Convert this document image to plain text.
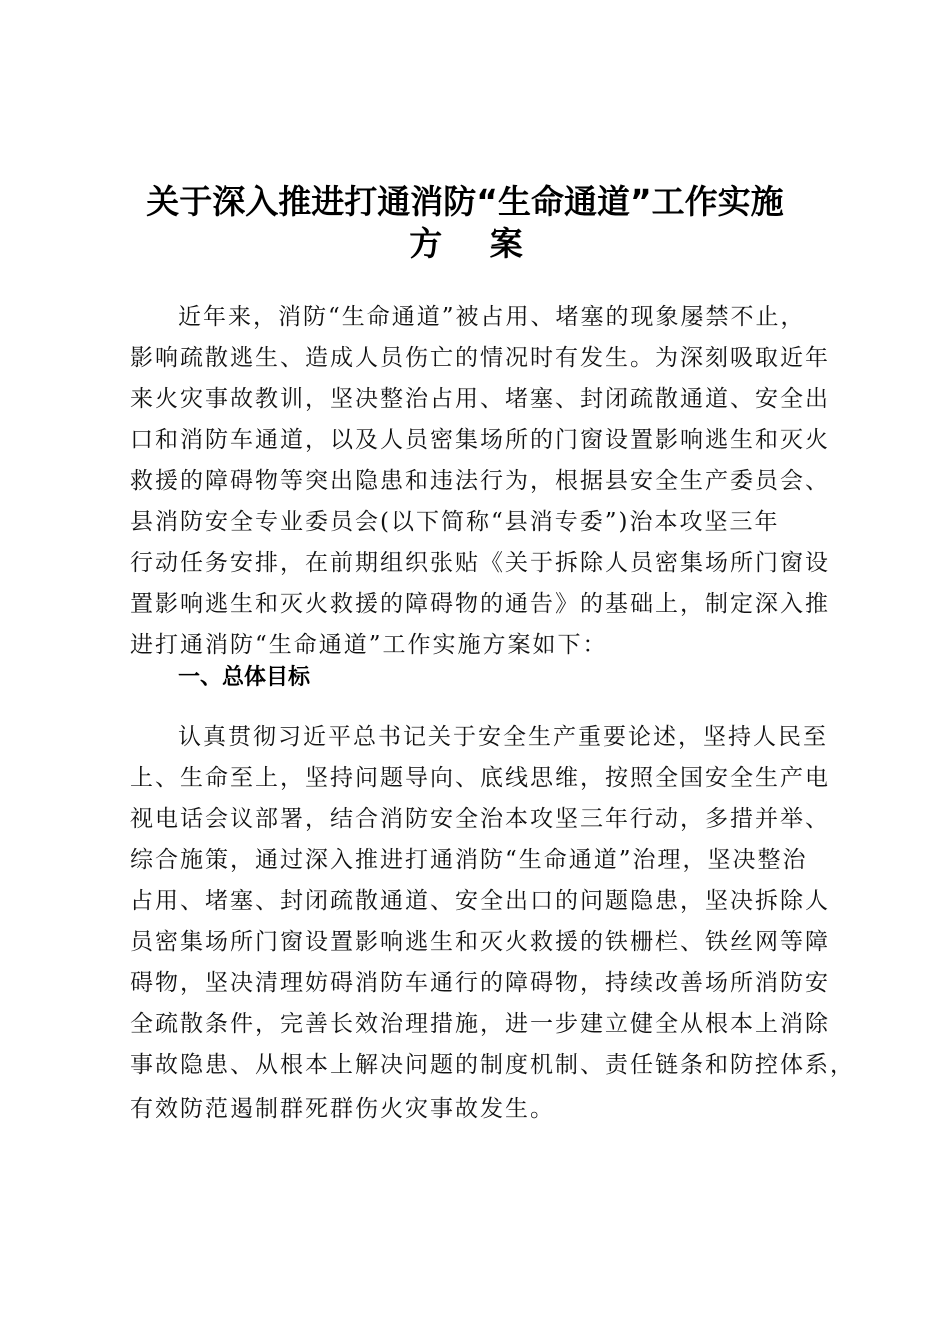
关于深入推进打通消防“生命通道”工作实施
方 案
近年来，消防“生命通道”被占用、堵塞的现象屡禁不止，
影响疏散逃生、造成人员伤亡的情况时有发生。为深刻吸取近年
来火灾事故教训，坚决整治占用、堵塞、封闭疏散通道、安全出
口和消防车通道，以及人员密集场所的门窗设置影响逃生和灭火
救援的障碍物等突出隐患和违法行为，根据县安全生产委员会、
县消防安全专业委员会(以下简称“县消专委”)治本攻坚三年
行动任务安排，在前期组织张贴《关于拆除人员密集场所门窗设
置影响逃生和灭火救援的障碍物的通告》的基础上，制定深入推
进打通消防“生命通道”工作实施方案如下：
一、总体目标
认真贯彻习近平总书记关于安全生产重要论述，坚持人民至
上、生命至上，坚持问题导向、底线思维，按照全国安全生产电
视电话会议部署，结合消防安全治本攻坚三年行动，多措并举、
综合施策，通过深入推进打通消防“生命通道”治理，坚决整治
占用、堵塞、封闭疏散通道、安全出口的问题隐患，坚决拆除人
员密集场所门窗设置影响逃生和灭火救援的铁栅栏、铁丝网等障
碍物，坚决清理妨碍消防车通行的障碍物，持续改善场所消防安
全疏散条件，完善长效治理措施，进一步建立健全从根本上消除
事故隐患、从根本上解决问题的制度机制、责任链条和防控体系，
有效防范遏制群死群伤火灾事故发生。
